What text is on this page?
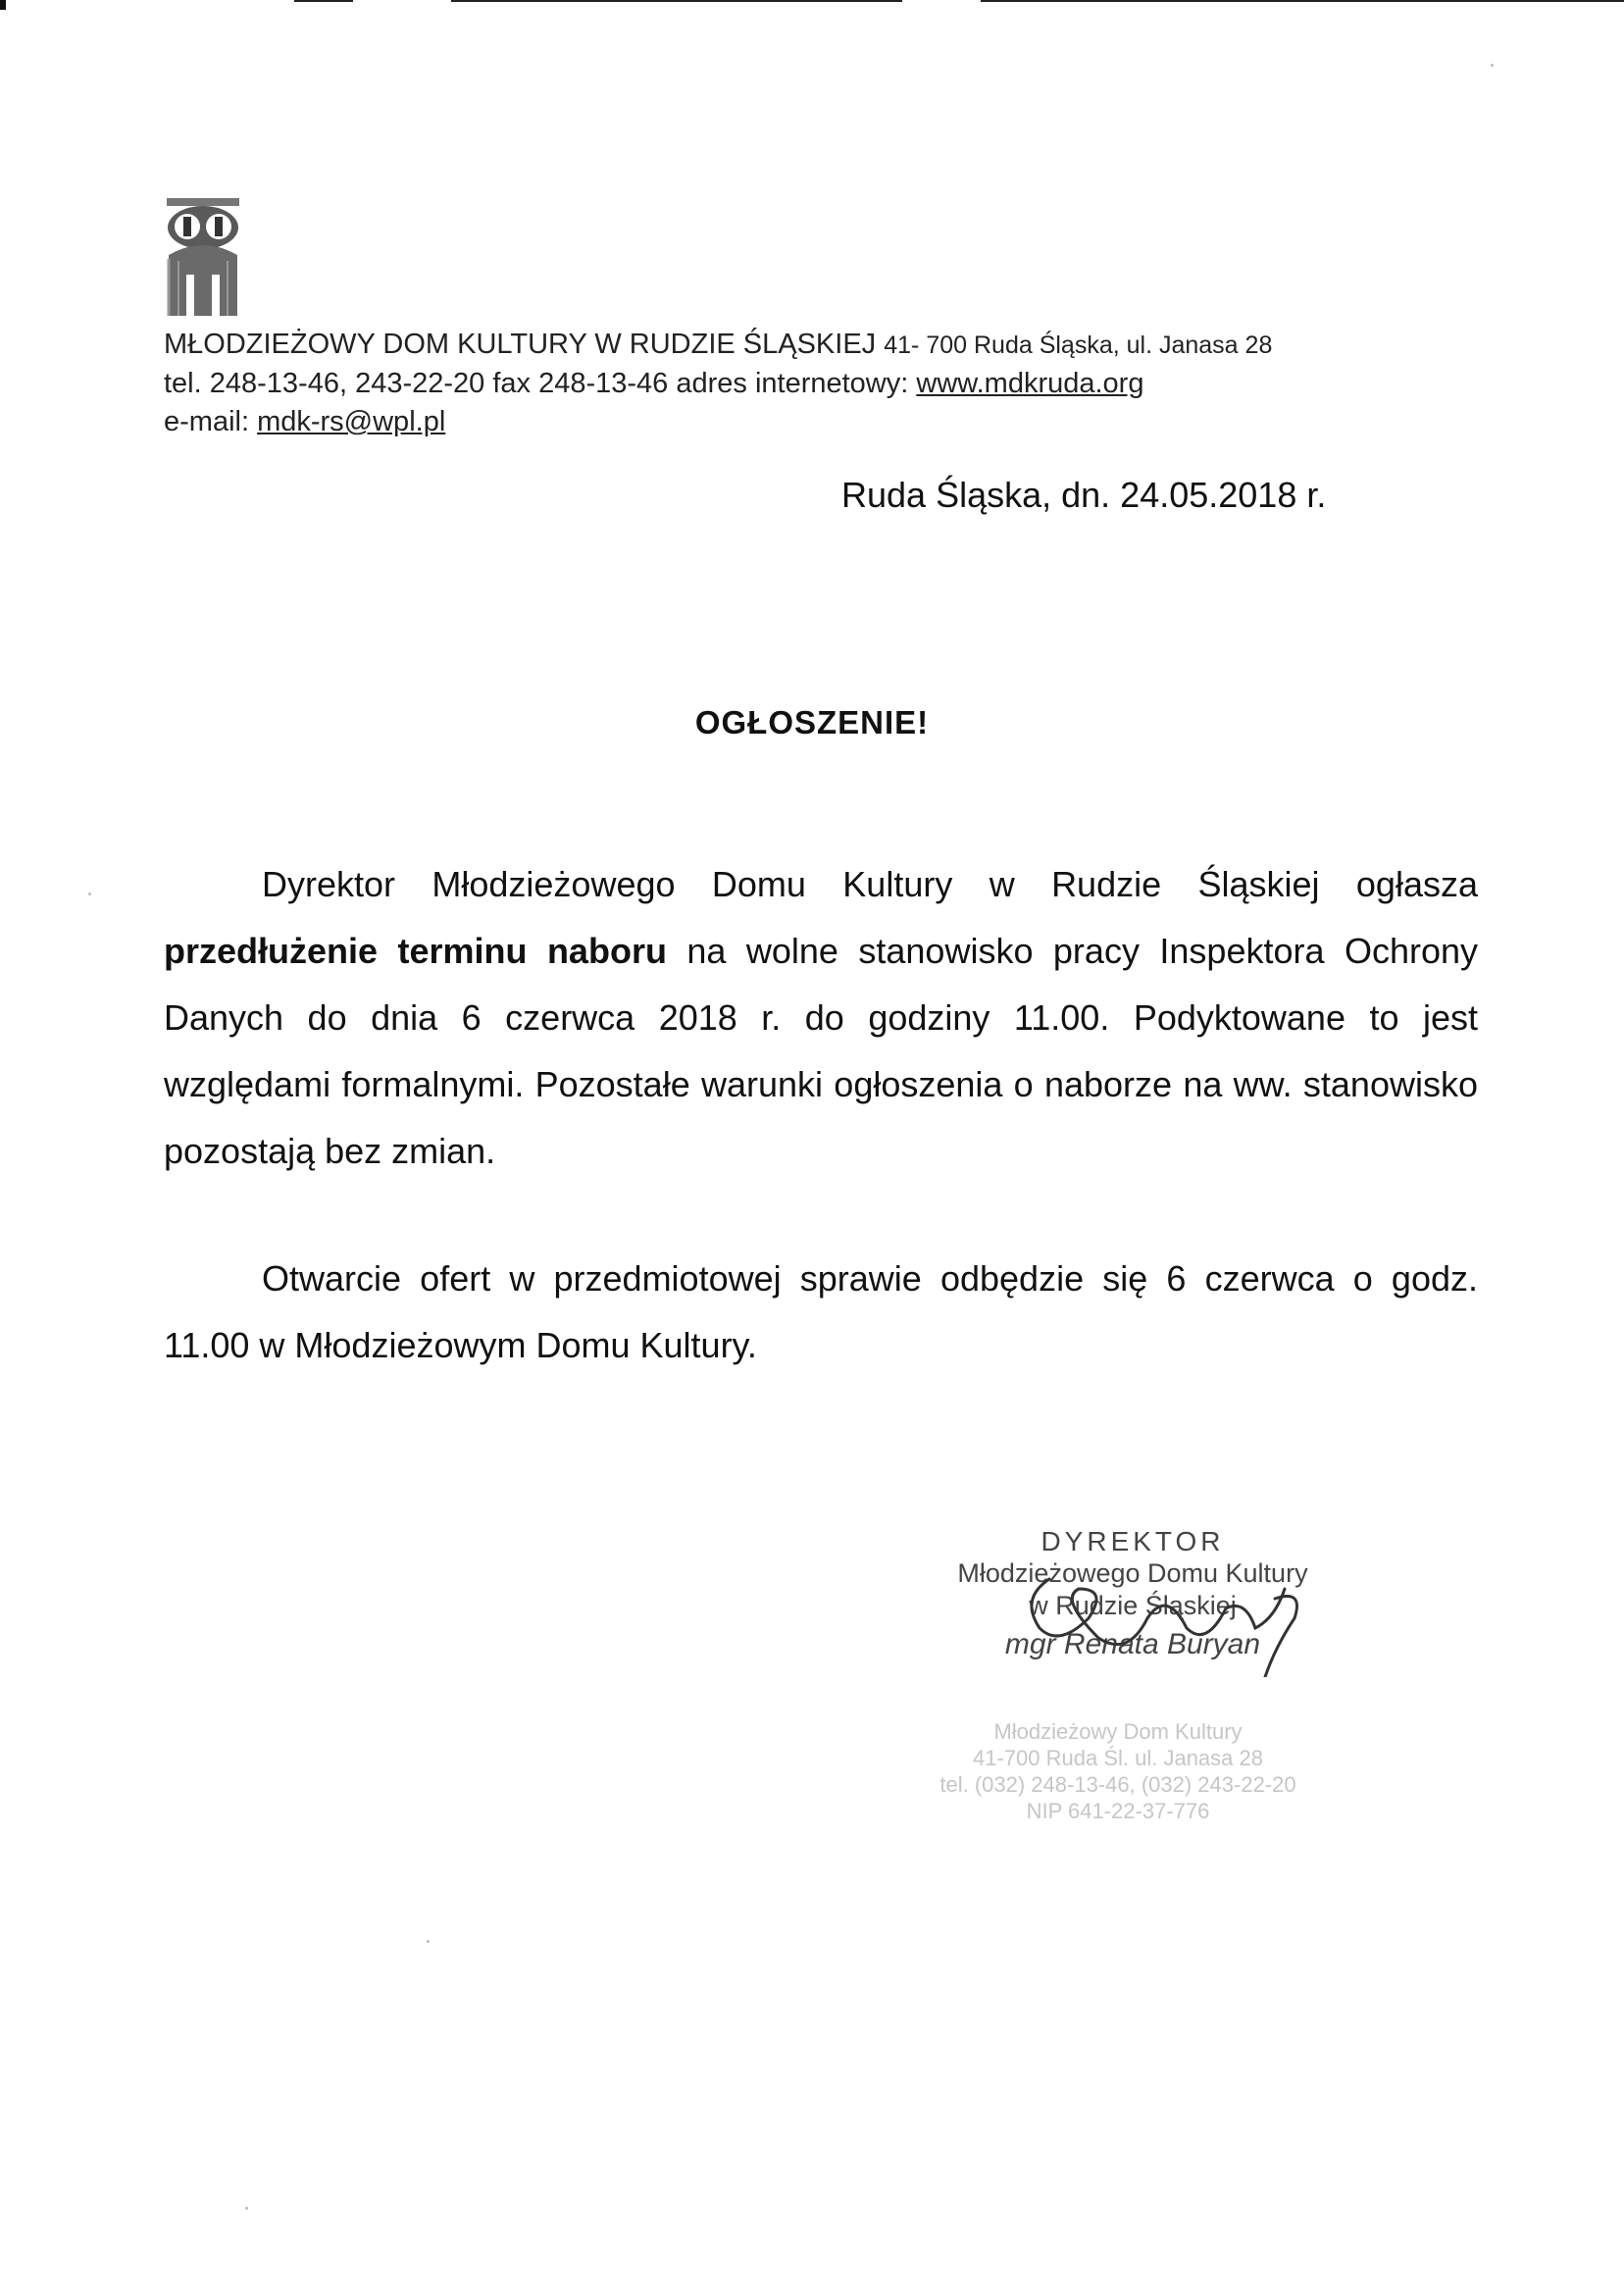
MŁODZIEŻOWY DOM KULTURY W RUDZIE ŚLĄSKIEJ 41- 700 Ruda Śląska, ul. Janasa 28
tel. 248-13-46, 243-22-20 fax 248-13-46 adres internetowy: www.mdkruda.org
e-mail: mdk-rs@wpl.pl
Ruda Śląska, dn. 24.05.2018 r.
OGŁOSZENIE!
Dyrektor Młodzieżowego Domu Kultury w Rudzie Śląskiej ogłasza przedłużenie terminu naboru na wolne stanowisko pracy Inspektora Ochrony Danych do dnia 6 czerwca 2018 r. do godziny 11.00. Podyktowane to jest względami formalnymi. Pozostałe warunki ogłoszenia o naborze na ww. stanowisko pozostają bez zmian.
Otwarcie ofert w przedmiotowej sprawie odbędzie się 6 czerwca o godz. 11.00 w Młodzieżowym Domu Kultury.
DYREKTOR
Młodzieżowego Domu Kultury
w Rudzie Śląskiej
mgr Renata Buryan
Młodzieżowy Dom Kultury
41-700 Ruda Śl. ul. Janasa 28
tel. (032) 248-13-46, (032) 243-22-20
NIP 641-22-37-776
